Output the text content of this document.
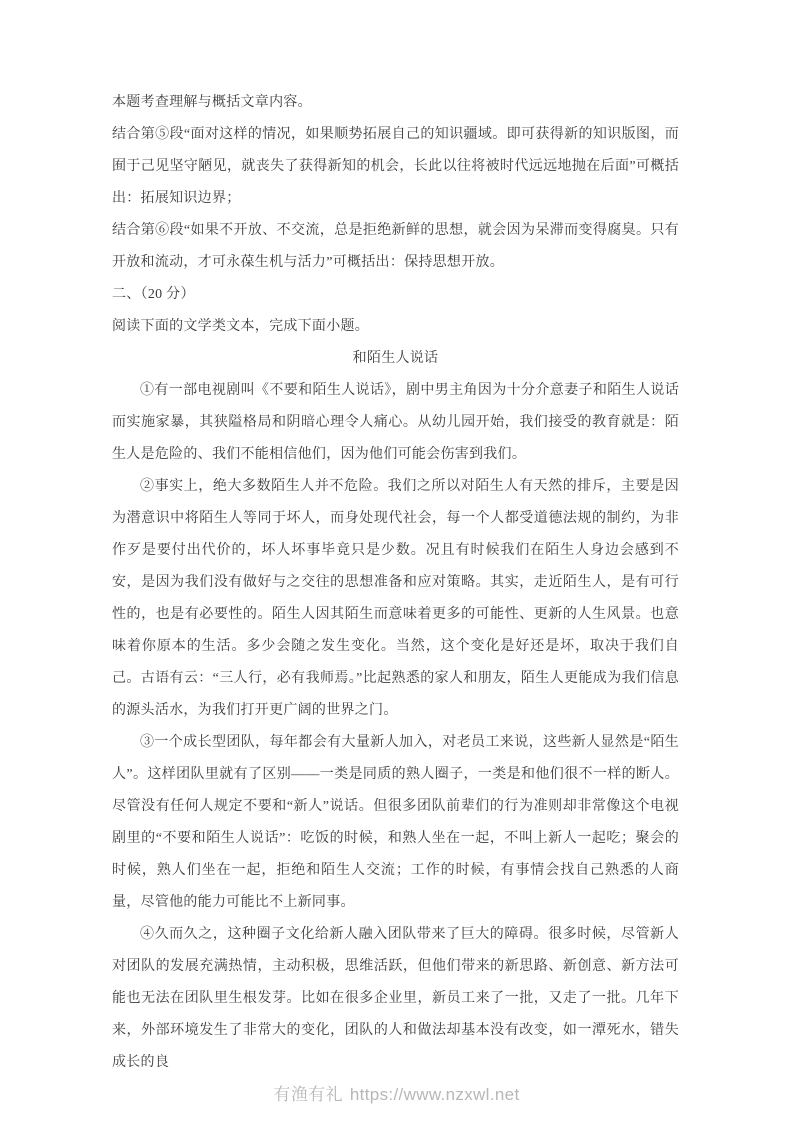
本题考查理解与概括文章内容。

结合第⑤段“面对这样的情况，如果顺势拓展自己的知识疆域。即可获得新的知识版图，而囿于己见坚守陋见，就丧失了获得新知的机会，长此以往将被时代远远地抛在后面”可概括出：拓展知识边界；

结合第⑥段“如果不开放、不交流，总是拒绝新鲜的思想，就会因为呆滞而变得腐臭。只有开放和流动，才可永葆生机与活力”可概括出：保持思想开放。

二、（20 分）

阅读下面的文学类文本，完成下面小题。

和陌生人说话

①有一部电视剧叫《不要和陌生人说话》，剧中男主角因为十分介意妻子和陌生人说话而实施家暴，其狭隘格局和阴暗心理令人痛心。从幼儿园开始，我们接受的教育就是：陌生人是危险的、我们不能相信他们，因为他们可能会伤害到我们。

②事实上，绝大多数陌生人并不危险。我们之所以对陌生人有天然的排斥，主要是因为潜意识中将陌生人等同于坏人，而身处现代社会，每一个人都受道德法规的制约，为非作歹是要付出代价的，坏人坏事毕竟只是少数。况且有时候我们在陌生人身边会感到不安，是因为我们没有做好与之交往的思想准备和应对策略。其实，走近陌生人，是有可行性的，也是有必要性的。陌生人因其陌生而意味着更多的可能性、更新的人生风景。也意味着你原本的生活。多少会随之发生变化。当然，这个变化是好还是坏，取决于我们自己。古语有云：“三人行，必有我师焉。”比起熟悉的家人和朋友，陌生人更能成为我们信息的源头活水，为我们打开更广阔的世界之门。

③一个成长型团队，每年都会有大量新人加入，对老员工来说，这些新人显然是“陌生人”。这样团队里就有了区别——一类是同质的熟人圈子，一类是和他们很不一样的断人。尽管没有任何人规定不要和“新人”说话。但很多团队前辈们的行为准则却非常像这个电视剧里的“不要和陌生人说话”：吃饭的时候，和熟人坐在一起，不叫上新人一起吃；聚会的时候，熟人们坐在一起，拒绝和陌生人交流；工作的时候，有事情会找自己熟悉的人商量，尽管他的能力可能比不上新同事。

④久而久之，这种圈子文化给新人融入团队带来了巨大的障碍。很多时候，尽管新人对团队的发展充满热情，主动积极，思维活跃，但他们带来的新思路、新创意、新方法可能也无法在团队里生根发芽。比如在很多企业里，新员工来了一批，又走了一批。几年下来，外部环境发生了非常大的变化，团队的人和做法却基本没有改变，如一潭死水，错失成长的良

有渔有礼 https://www.nzxwl.net
